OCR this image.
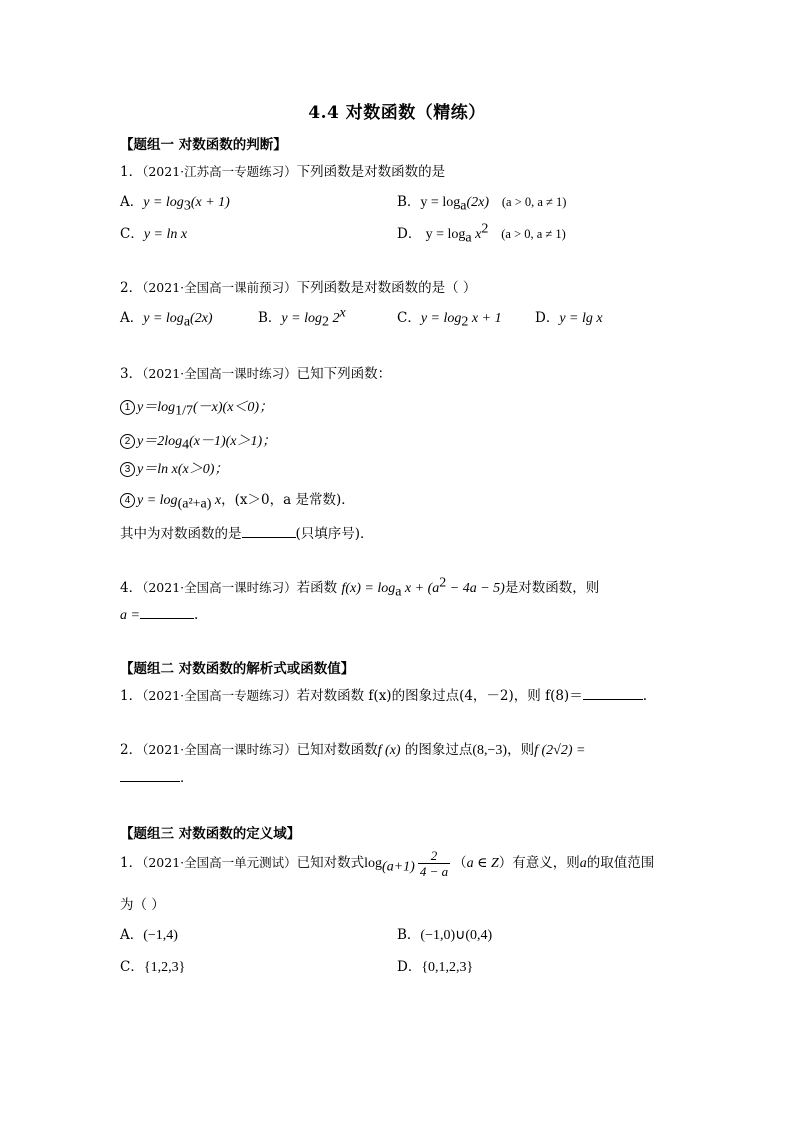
4.4 对数函数（精练）
【题组一 对数函数的判断】
1．（2021·江苏高一专题练习）下列函数是对数函数的是
A．$y = \log_3(x + 1)$	B．$y = \log_a(2x) (a > 0$, a ≠ 1)
C．y = ln x	D． $y = \log_a x^2$ (a > 0, a ≠ 1)
2．（2021·全国高一课前预习）下列函数是对数函数的是（ ）
A．$y = \log_a(2x)$	B．$y = \log_2 2^x$	C．$y = \log_2 x + 1$ D．y = lg x
3．（2021·全国高一课时练习）已知下列函数：
1 $y=\log_{1/7}(-x)(x<0)$；
2 $y=2\log_4(x-1)(x>1)$；
3 y＝ln x(x＞0)；
4 $y = \log_{(a^2+a)} x$，(x＞0，a 是常数)．
其中为对数函数的是	(只填序号)．
4．（2021·全国高一课时练习）若函数 $f(x) = \log_a x + (a^2 - 4a - 5)$是对数函数，则
a =	.
【题组二 对数函数的解析式或函数值】
1．（2021·全国高一专题练习）若对数函数 f(x)的图象过点(4，－2)，则 f(8)＝	.
2．（2021·全国高一课时练习）已知对数函数f (x) 的图象过点(8,−3)，则f (2√2) =
．
【题组三 对数函数的定义域】
1．（2021·全国高一单元测试）已知对数式$\log_{(a+1)} \frac{2}{4 - a} (a$ ∈ Z）有意义，则a的取值范围
为（ ）
A．(−1,4)	B．(−1,0)∪(0,4)
C．{1,2,3}	D．{0,1,2,3}
